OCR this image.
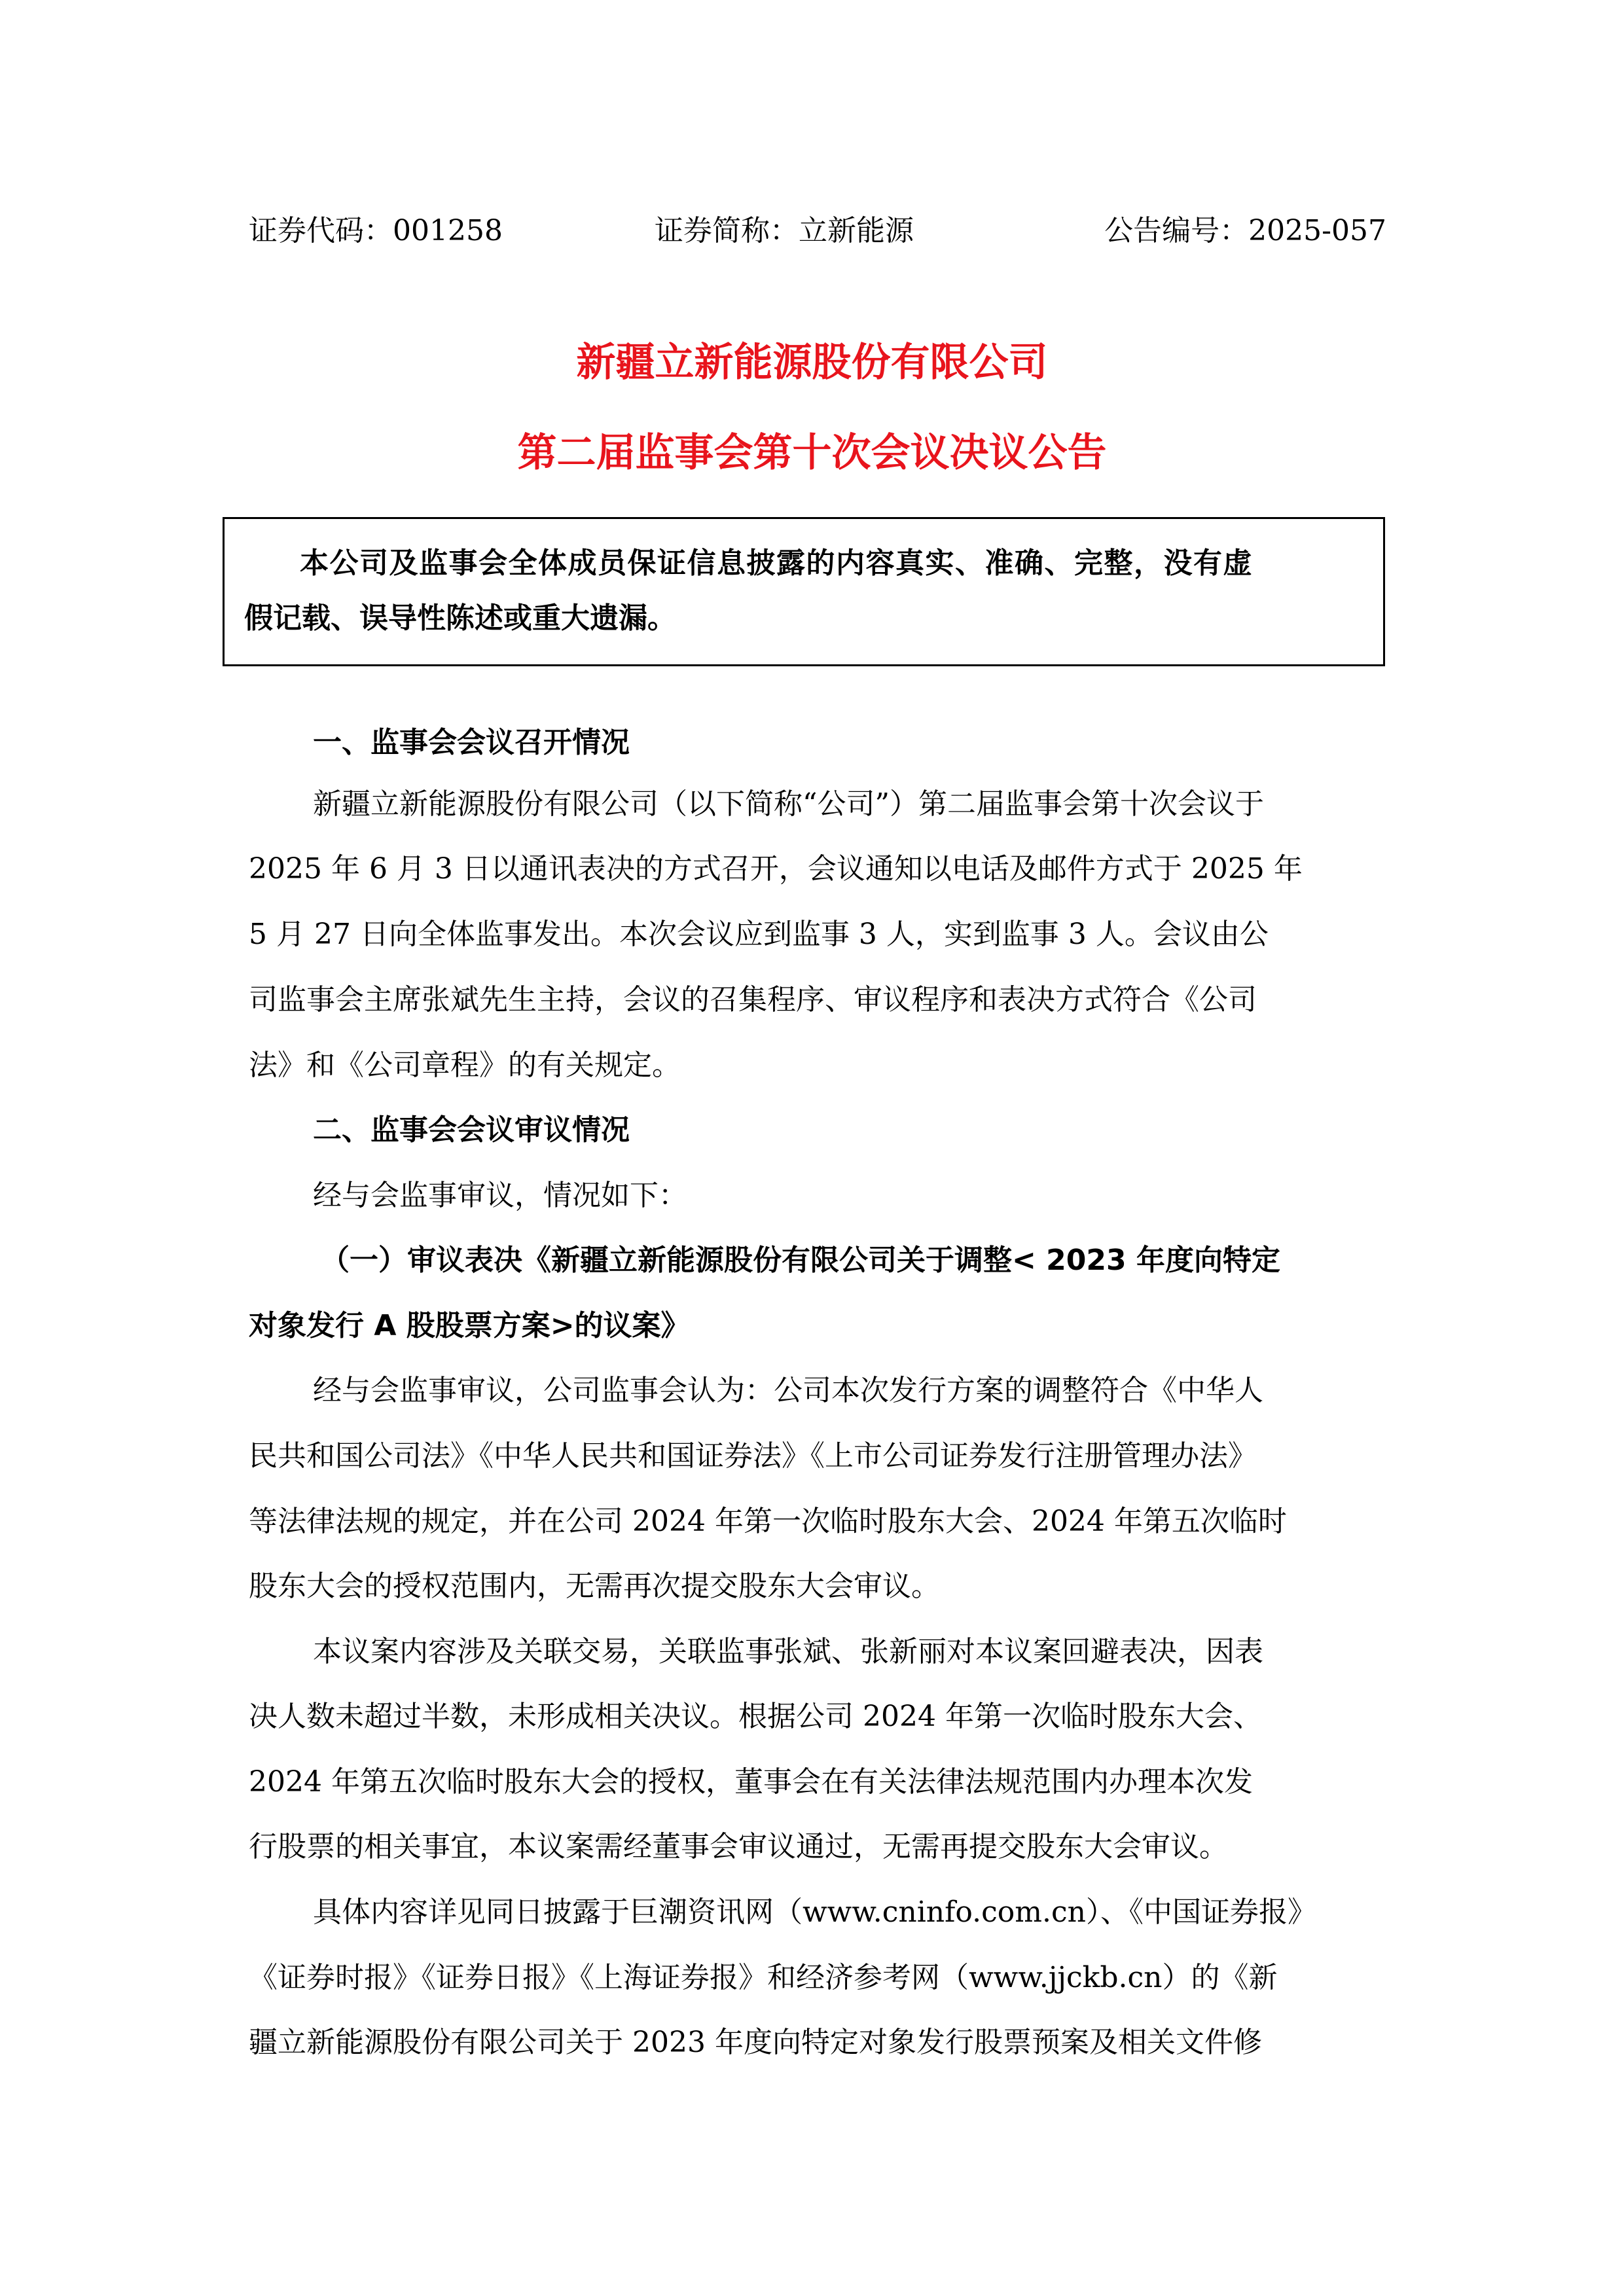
证券代码：001258	证券简称：立新能源	公告编号：2025-057
新疆立新能源股份有限公司
第二届监事会第十次会议决议公告
本公司及监事会全体成员保证信息披露的内容真实、准确、完整，没有虚
假记载、误导性陈述或重大遗漏。
一、监事会会议召开情况
新疆立新能源股份有限公司（以下简称“公司”）第二届监事会第十次会议于
2025 年 6 月 3 日以通讯表决的方式召开，会议通知以电话及邮件方式于 2025 年
5 月 27 日向全体监事发出。本次会议应到监事 3 人，实到监事 3 人。会议由公
司监事会主席张斌先生主持，会议的召集程序、审议程序和表决方式符合《公司
法》和《公司章程》的有关规定。
二、监事会会议审议情况
经与会监事审议，情况如下：
（一）审议表决《新疆立新能源股份有限公司关于调整< 2023 年度向特定
对象发行 A 股股票方案>的议案》
经与会监事审议，公司监事会认为：公司本次发行方案的调整符合《中华人
民共和国公司法》《中华人民共和国证券法》《上市公司证券发行注册管理办法》
等法律法规的规定，并在公司 2024 年第一次临时股东大会、2024 年第五次临时
股东大会的授权范围内，无需再次提交股东大会审议。
本议案内容涉及关联交易，关联监事张斌、张新丽对本议案回避表决，因表
决人数未超过半数，未形成相关决议。根据公司 2024 年第一次临时股东大会、
2024 年第五次临时股东大会的授权，董事会在有关法律法规范围内办理本次发
行股票的相关事宜，本议案需经董事会审议通过，无需再提交股东大会审议。
具体内容详见同日披露于巨潮资讯网（www.cninfo.com.cn）、《中国证券报》
《证券时报》《证券日报》《上海证券报》和经济参考网（www.jjckb.cn）的《新
疆立新能源股份有限公司关于 2023 年度向特定对象发行股票预案及相关文件修
